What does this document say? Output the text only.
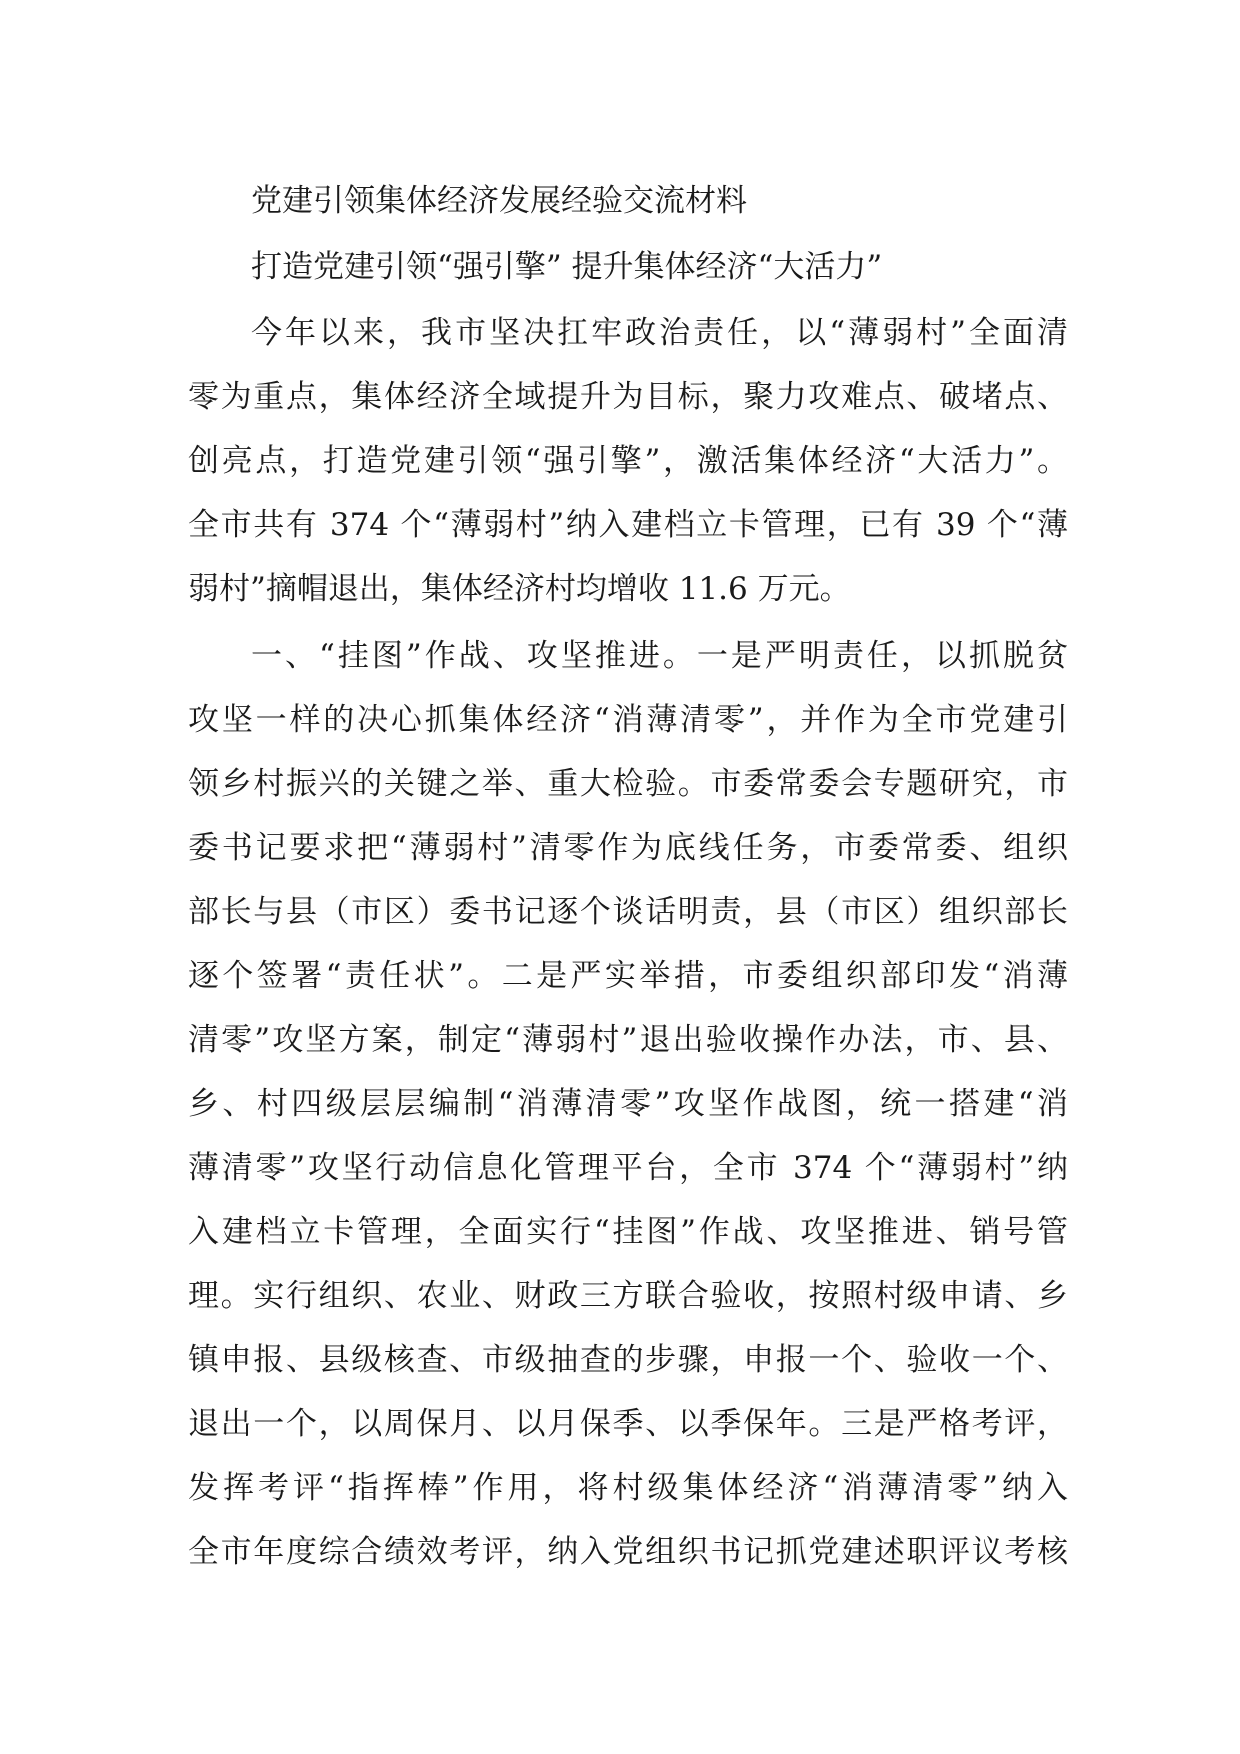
党建引领集体经济发展经验交流材料
打造党建引领“强引擎” 提升集体经济“大活力”
今年以来，我市坚决扛牢政治责任，以“薄弱村”全面清
零为重点，集体经济全域提升为目标，聚力攻难点、破堵点、
创亮点，打造党建引领“强引擎”，激活集体经济“大活力”。
全市共有 374 个“薄弱村”纳入建档立卡管理，已有 39 个“薄
弱村”摘帽退出，集体经济村均增收 11.6 万元。
一、“挂图”作战、攻坚推进。一是严明责任，以抓脱贫
攻坚一样的决心抓集体经济“消薄清零”，并作为全市党建引
领乡村振兴的关键之举、重大检验。市委常委会专题研究，市
委书记要求把“薄弱村”清零作为底线任务，市委常委、组织
部长与县（市区）委书记逐个谈话明责，县（市区）组织部长
逐个签署“责任状”。二是严实举措，市委组织部印发“消薄
清零”攻坚方案，制定“薄弱村”退出验收操作办法，市、县、
乡、村四级层层编制“消薄清零”攻坚作战图，统一搭建“消
薄清零”攻坚行动信息化管理平台，全市 374 个“薄弱村”纳
入建档立卡管理，全面实行“挂图”作战、攻坚推进、销号管
理。实行组织、农业、财政三方联合验收，按照村级申请、乡
镇申报、县级核查、市级抽查的步骤，申报一个、验收一个、
退出一个，以周保月、以月保季、以季保年。三是严格考评，
发挥考评“指挥棒”作用，将村级集体经济“消薄清零”纳入
全市年度综合绩效考评，纳入党组织书记抓党建述职评议考核
